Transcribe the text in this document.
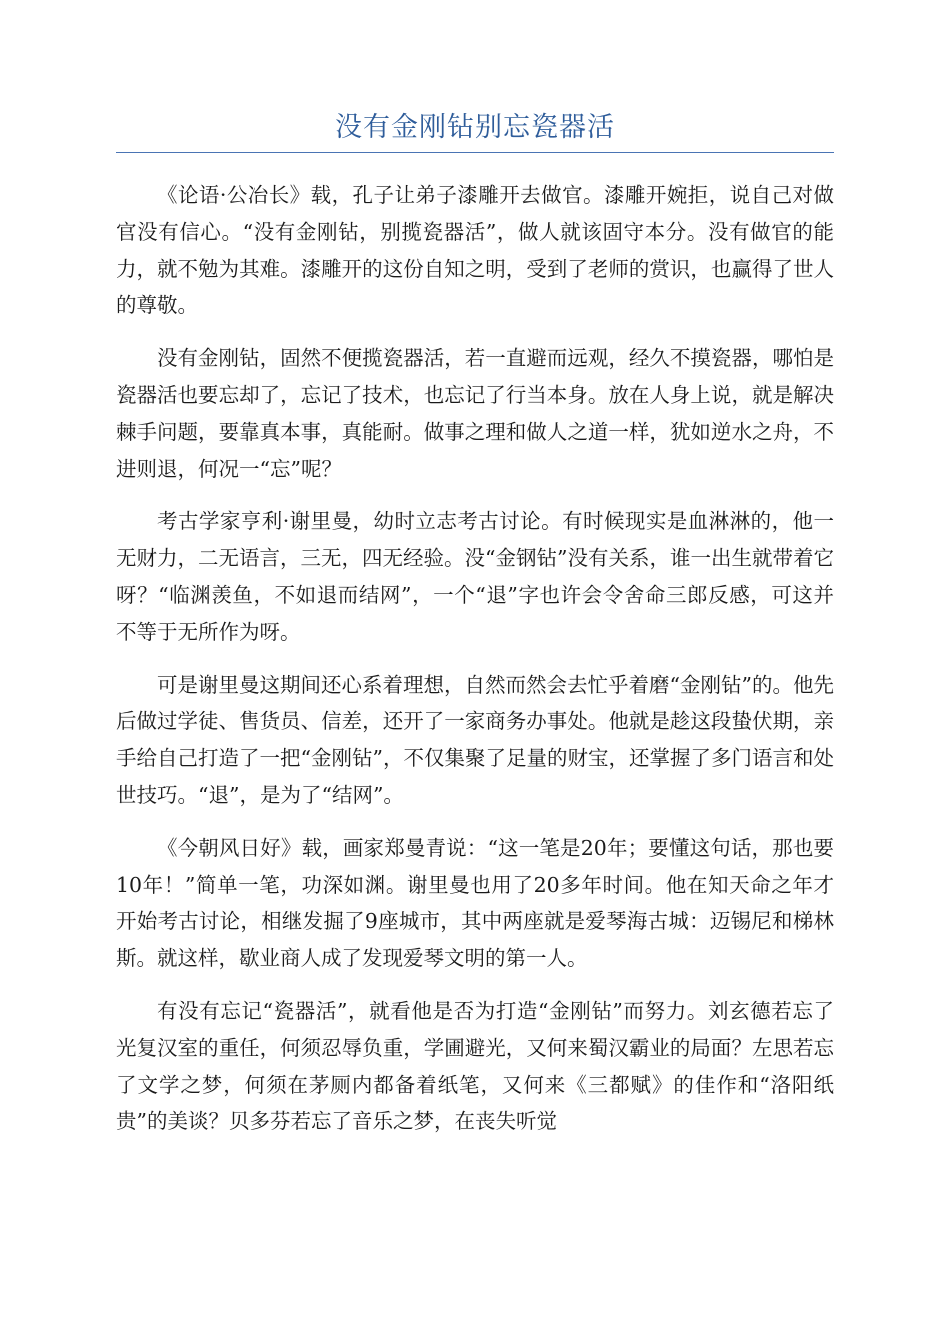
没有金刚钻别忘瓷器活

《论语·公冶长》载，孔子让弟子漆雕开去做官。漆雕开婉拒，说自己对做官没有信心。“没有金刚钻，别揽瓷器活”，做人就该固守本分。没有做官的能力，就不勉为其难。漆雕开的这份自知之明，受到了老师的赏识，也赢得了世人的尊敬。

没有金刚钻，固然不便揽瓷器活，若一直避而远观，经久不摸瓷器，哪怕是瓷器活也要忘却了，忘记了技术，也忘记了行当本身。放在人身上说，就是解决棘手问题，要靠真本事，真能耐。做事之理和做人之道一样，犹如逆水之舟，不进则退，何况一“忘”呢？

考古学家亨利·谢里曼，幼时立志考古讨论。有时候现实是血淋淋的，他一无财力，二无语言，三无，四无经验。没“金钢钻”没有关系，谁一出生就带着它呀？“临渊羡鱼，不如退而结网”，一个“退”字也许会令舍命三郎反感，可这并不等于无所作为呀。

可是谢里曼这期间还心系着理想，自然而然会去忙乎着磨“金刚钻”的。他先后做过学徒、售货员、信差，还开了一家商务办事处。他就是趁这段蛰伏期，亲手给自己打造了一把“金刚钻”，不仅集聚了足量的财宝，还掌握了多门语言和处世技巧。“退”，是为了“结网”。

《今朝风日好》载，画家郑曼青说：“这一笔是20年；要懂这句话，那也要10年！”简单一笔，功深如渊。谢里曼也用了20多年时间。他在知天命之年才开始考古讨论，相继发掘了9座城市，其中两座就是爱琴海古城：迈锡尼和梯林斯。就这样，歇业商人成了发现爱琴文明的第一人。

有没有忘记“瓷器活”，就看他是否为打造“金刚钻”而努力。刘玄德若忘了光复汉室的重任，何须忍辱负重，学圃避光，又何来蜀汉霸业的局面？左思若忘了文学之梦，何须在茅厕内都备着纸笔，又何来《三都赋》的佳作和“洛阳纸贵”的美谈？贝多芬若忘了音乐之梦，在丧失听觉
